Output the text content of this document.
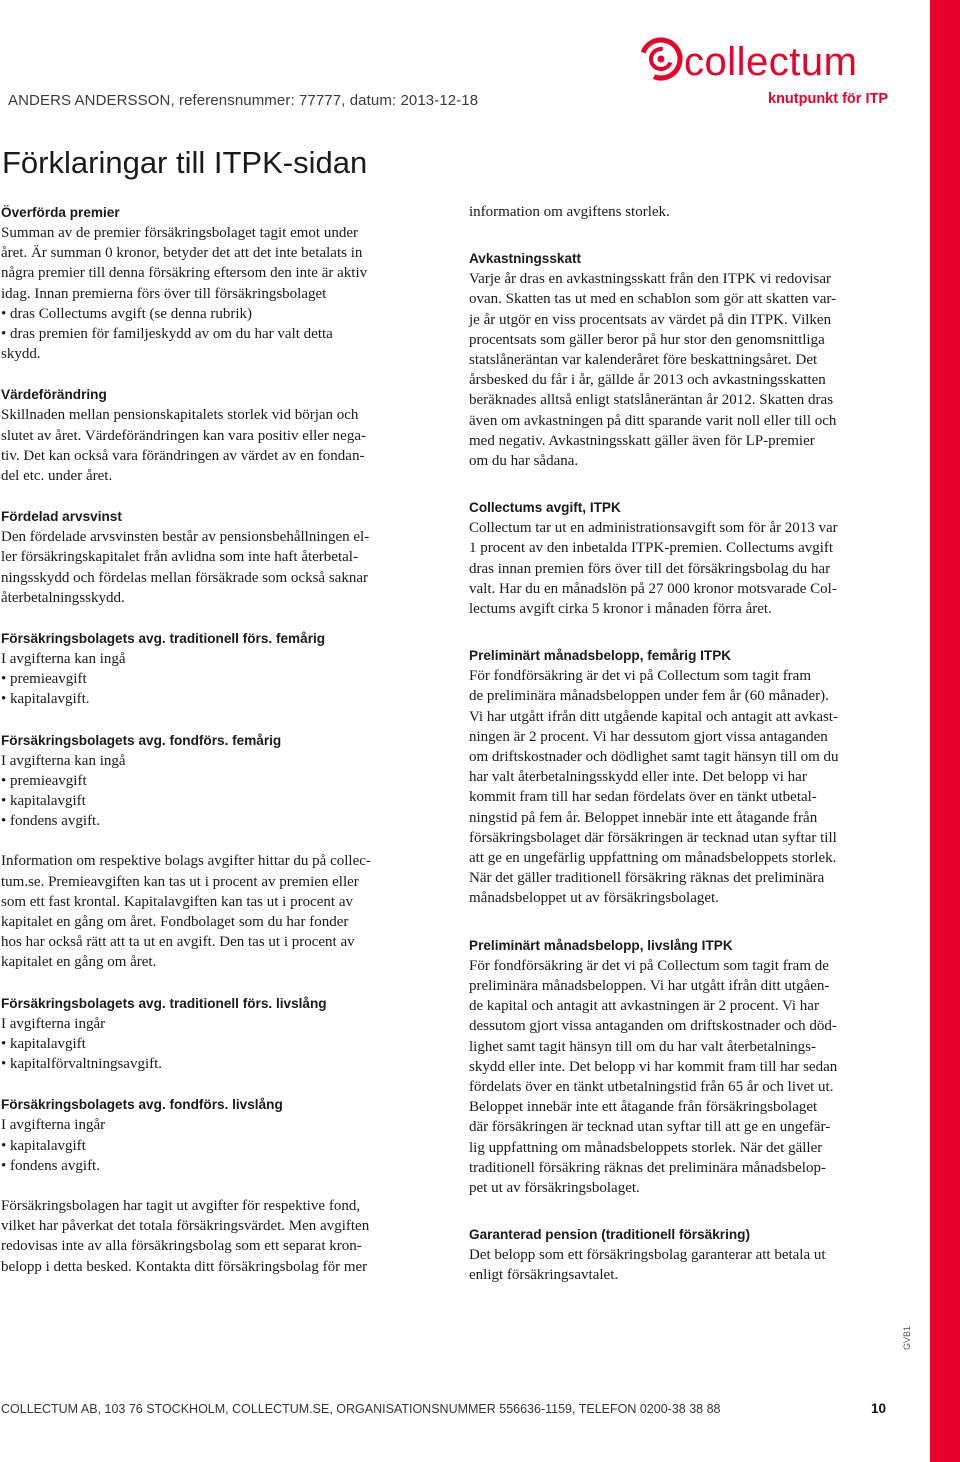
ANDERS ANDERSSON, referensnummer: 77777, datum: 2013-12-18
collectum
knutpunkt för ITP
Förklaringar till ITPK-sidan
Överförda premier
Summan av de premier försäkringsbolaget tagit emot under
året. Är summan 0 kronor, betyder det att det inte betalats in
några premier till denna försäkring eftersom den inte är aktiv
idag. Innan premierna förs över till försäkringsbolaget
• dras Collectums avgift (se denna rubrik)
• dras premien för familjeskydd av om du har valt detta
skydd.
Värdeförändring
Skillnaden mellan pensionskapitalets storlek vid början och
slutet av året. Värdeförändringen kan vara positiv eller nega-
tiv. Det kan också vara förändringen av värdet av en fondan-
del etc. under året.
Fördelad arvsvinst
Den fördelade arvsvinsten består av pensionsbehållningen el-
ler försäkringskapitalet från avlidna som inte haft återbetal-
ningsskydd och fördelas mellan försäkrade som också saknar
återbetalningsskydd.
Försäkringsbolagets avg. traditionell förs. femårig
I avgifterna kan ingå
• premieavgift
• kapitalavgift.
Försäkringsbolagets avg. fondförs. femårig
I avgifterna kan ingå
• premieavgift
• kapitalavgift
• fondens avgift.
Information om respektive bolags avgifter hittar du på collec-
tum.se. Premieavgiften kan tas ut i procent av premien eller
som ett fast krontal. Kapitalavgiften kan tas ut i procent av
kapitalet en gång om året. Fondbolaget som du har fonder
hos har också rätt att ta ut en avgift. Den tas ut i procent av
kapitalet en gång om året.
Försäkringsbolagets avg. traditionell förs. livslång
I avgifterna ingår
• kapitalavgift
• kapitalförvaltningsavgift.
Försäkringsbolagets avg. fondförs. livslång
I avgifterna ingår
• kapitalavgift
• fondens avgift.
Försäkringsbolagen har tagit ut avgifter för respektive fond,
vilket har påverkat det totala försäkringsvärdet. Men avgiften
redovisas inte av alla försäkringsbolag som ett separat kron-
belopp i detta besked. Kontakta ditt försäkringsbolag för mer
information om avgiftens storlek.
Avkastningsskatt
Varje år dras en avkastningsskatt från den ITPK vi redovisar
ovan. Skatten tas ut med en schablon som gör att skatten var-
je år utgör en viss procentsats av värdet på din ITPK. Vilken
procentsats som gäller beror på hur stor den genomsnittliga
statslåneräntan var kalenderåret före beskattningsåret. Det
årsbesked du får i år, gällde år 2013 och avkastningsskatten
beräknades alltså enligt statslåneräntan år 2012. Skatten dras
även om avkastningen på ditt sparande varit noll eller till och
med negativ. Avkastningsskatt gäller även för LP-premier
om du har sådana.
Collectums avgift, ITPK
Collectum tar ut en administrationsavgift som för år 2013 var
1 procent av den inbetalda ITPK-premien. Collectums avgift
dras innan premien förs över till det försäkringsbolag du har
valt. Har du en månadslön på 27 000 kronor motsvarade Col-
lectums avgift cirka 5 kronor i månaden förra året.
Preliminärt månadsbelopp, femårig ITPK
För fondförsäkring är det vi på Collectum som tagit fram
de preliminära månadsbeloppen under fem år (60 månader).
Vi har utgått ifrån ditt utgående kapital och antagit att avkast-
ningen är 2 procent. Vi har dessutom gjort vissa antaganden
om driftskostnader och dödlighet samt tagit hänsyn till om du
har valt återbetalningsskydd eller inte. Det belopp vi har
kommit fram till har sedan fördelats över en tänkt utbetal-
ningstid på fem år. Beloppet innebär inte ett åtagande från
försäkringsbolaget där försäkringen är tecknad utan syftar till
att ge en ungefärlig uppfattning om månadsbeloppets storlek.
När det gäller traditionell försäkring räknas det preliminära
månadsbeloppet ut av försäkringsbolaget.
Preliminärt månadsbelopp, livslång ITPK
För fondförsäkring är det vi på Collectum som tagit fram de
preliminära månadsbeloppen. Vi har utgått ifrån ditt utgåen-
de kapital och antagit att avkastningen är 2 procent. Vi har
dessutom gjort vissa antaganden om driftskostnader och död-
lighet samt tagit hänsyn till om du har valt återbetalnings-
skydd eller inte. Det belopp vi har kommit fram till har sedan
fördelats över en tänkt utbetalningstid från 65 år och livet ut.
Beloppet innebär inte ett åtagande från försäkringsbolaget
där försäkringen är tecknad utan syftar till att ge en ungefär-
lig uppfattning om månadsbeloppets storlek. När det gäller
traditionell försäkring räknas det preliminära månadsbelop-
pet ut av försäkringsbolaget.
Garanterad pension (traditionell försäkring)
Det belopp som ett försäkringsbolag garanterar att betala ut
enligt försäkringsavtalet.
COLLECTUM AB, 103 76 STOCKHOLM, COLLECTUM.SE, ORGANISATIONSNUMMER 556636-1159, TELEFON 0200-38 38 88	10
GVB1
